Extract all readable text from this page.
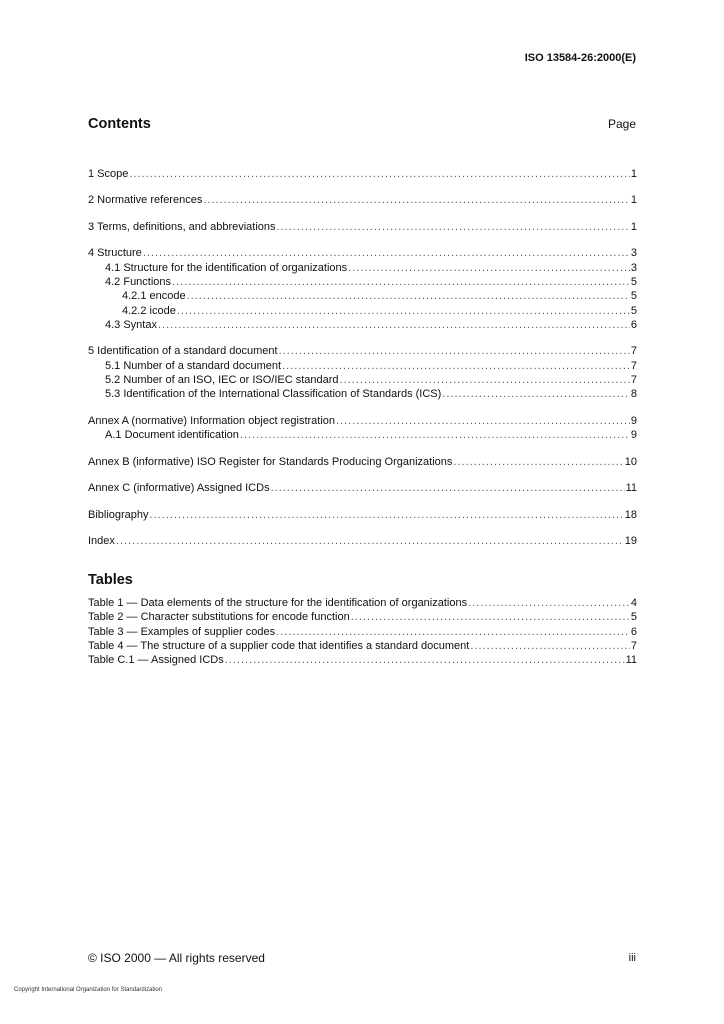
ISO 13584-26:2000(E)
Contents	Page
1 Scope .....	1
2 Normative references .....	1
3 Terms, definitions, and abbreviations .....	1
4 Structure .....	3
4.1 Structure for the identification of organizations .....	3
4.2 Functions .....	5
4.2.1 encode .....	5
4.2.2 icode .....	5
4.3 Syntax .....	6
5 Identification of a standard document .....	7
5.1 Number of a standard document .....	7
5.2 Number of an ISO, IEC or ISO/IEC standard .....	7
5.3 Identification of the International Classification of Standards (ICS) .....	8
Annex A (normative) Information object registration .....	9
A.1 Document identification .....	9
Annex B (informative) ISO Register for Standards Producing Organizations .....	10
Annex C (informative) Assigned ICDs .....	11
Bibliography .....	18
Index .....	19
Tables
Table 1 — Data elements of the structure for the identification of organizations .....	4
Table 2 — Character substitutions for encode function .....	5
Table 3 — Examples of supplier codes .....	6
Table 4 — The structure of a supplier code that identifies a standard document .....	7
Table C.1 — Assigned ICDs .....	11
© ISO 2000 — All rights reserved	iii
Copyright International Organization for Standardization
